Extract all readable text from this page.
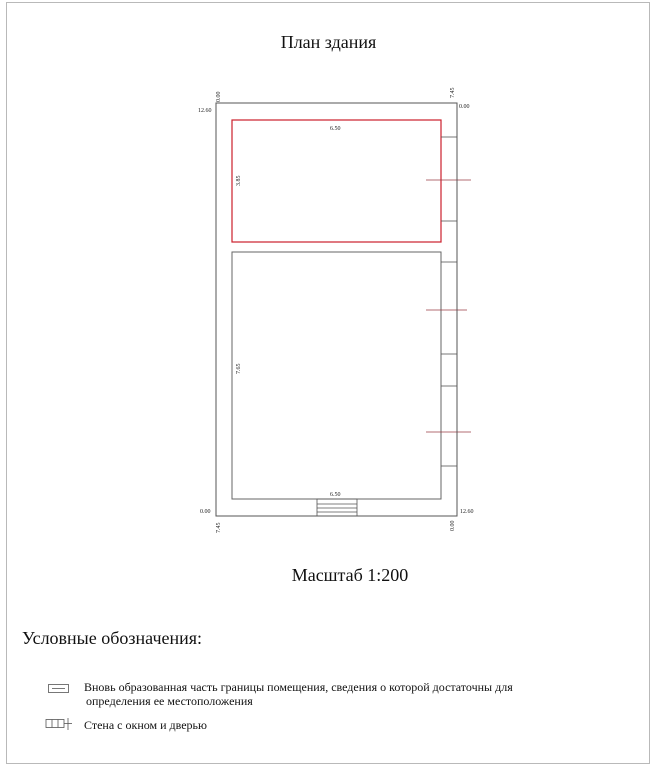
План здания
6.50
3.85
7.65
6.50
0.00
12.60
7.45
0.00
0.00
7.45
12.60
0.00
Масштаб 1:200
Условные обозначения:
Вновь образованная часть границы помещения, сведения о которой достаточны для
определения ее местоположения
Стена с окном и дверью
